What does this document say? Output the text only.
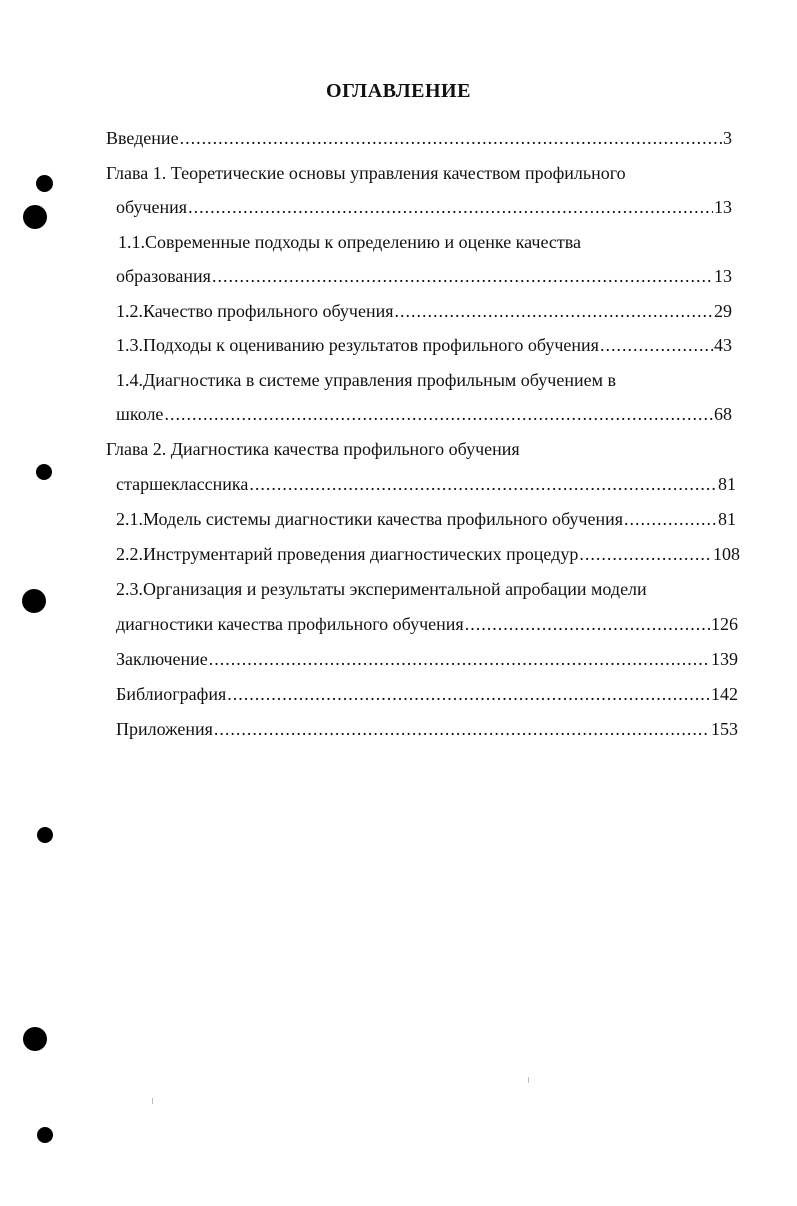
ОГЛАВЛЕНИЕ
Введение .....	3
Глава 1. Теоретические основы управления качеством профильного
обучения .....	13
1.1.Современные подходы к определению и оценке качества
образования .....	13
1.2.Качество профильного обучения .....	29
1.3.Подходы к оцениванию результатов профильного обучения .....	43
1.4.Диагностика в системе управления профильным обучением в
школе .....	68
Глава 2. Диагностика качества профильного обучения
старшеклассника .....	81
2.1.Модель системы диагностики качества профильного обучения .....	81
2.2.Инструментарий проведения диагностических процедур .....	108
2.3.Организация и результаты экспериментальной апробации модели
диагностики качества профильного обучения .....	126
Заключение .....	139
Библиография .....	142
Приложения .....	153
